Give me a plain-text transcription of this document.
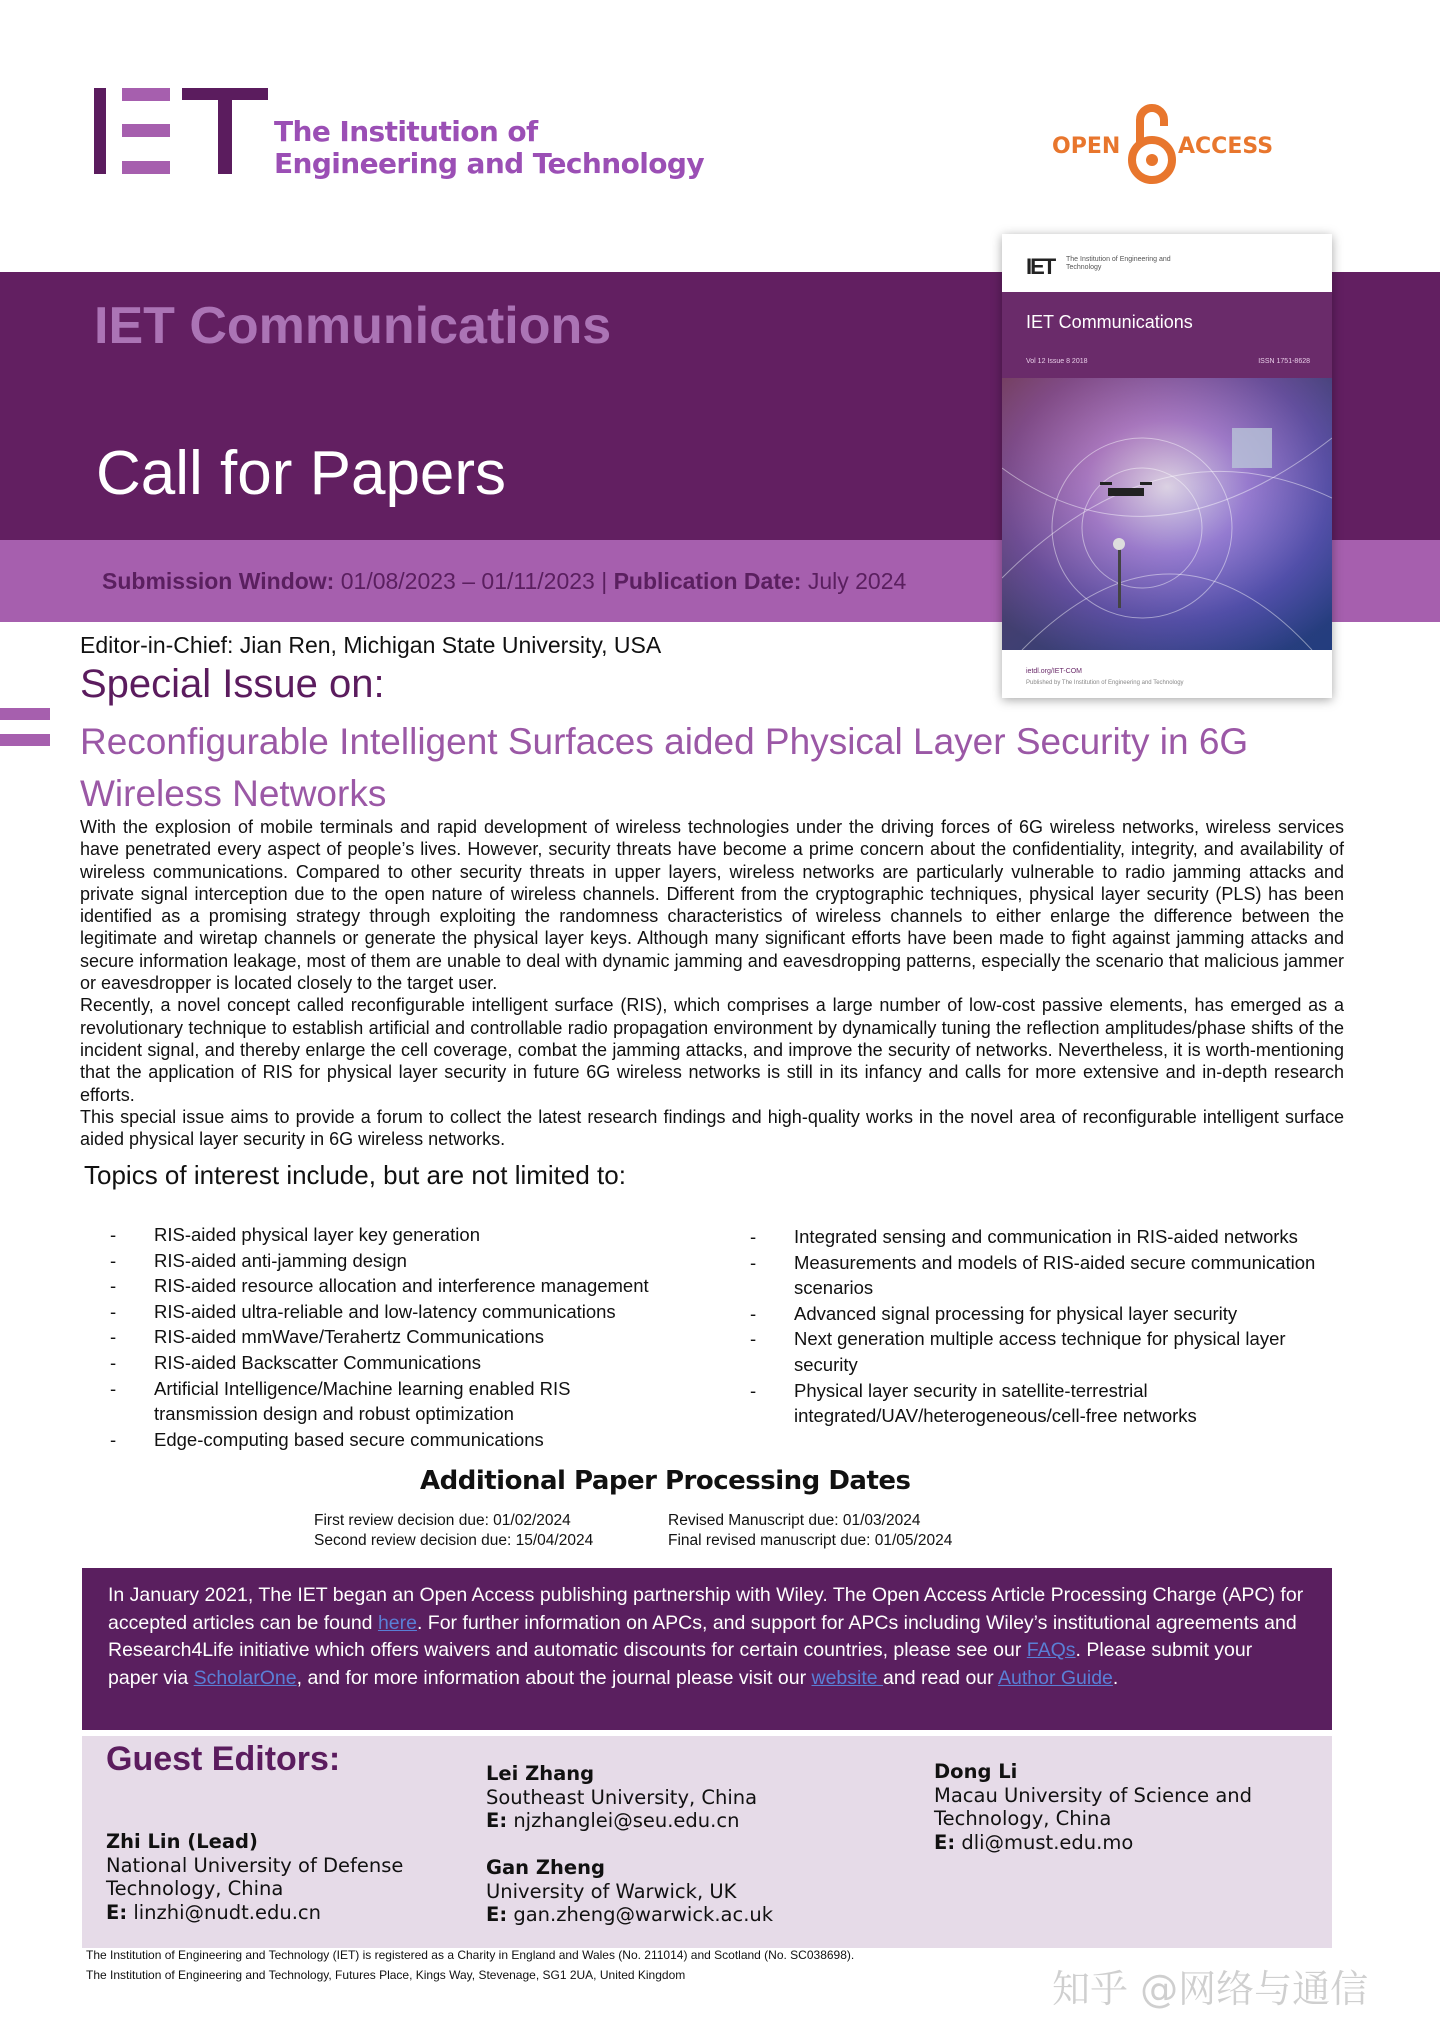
The Institution of
Engineering and Technology
OPEN	ACCESS
IET Communications
Call for Papers
Submission Window: 01/08/2023 – 01/11/2023 | Publication Date: July 2024
IET The Institution of Engineering and Technology
IET Communications
Vol 12 Issue 8 2018	ISSN 1751-8628
ietdl.org/IET-COM
Published by The Institution of Engineering and Technology
Editor-in-Chief: Jian Ren, Michigan State University, USA
Special Issue on:
Reconfigurable Intelligent Surfaces aided Physical Layer Security in 6G Wireless Networks

With the explosion of mobile terminals and rapid development of wireless technologies under the driving forces of 6G wireless networks, wireless services have penetrated every aspect of people’s lives. However, security threats have become a prime concern about the confidentiality, integrity, and availability of wireless communications. Compared to other security threats in upper layers, wireless networks are particularly vulnerable to radio jamming attacks and private signal interception due to the open nature of wireless channels. Different from the cryptographic techniques, physical layer security (PLS) has been identified as a promising strategy through exploiting the randomness characteristics of wireless channels to either enlarge the difference between the legitimate and wiretap channels or generate the physical layer keys. Although many significant efforts have been made to fight against jamming attacks and secure information leakage, most of them are unable to deal with dynamic jamming and eavesdropping patterns, especially the scenario that malicious jammer or eavesdropper is located closely to the target user.

Recently, a novel concept called reconfigurable intelligent surface (RIS), which comprises a large number of low-cost passive elements, has emerged as a revolutionary technique to establish artificial and controllable radio propagation environment by dynamically tuning the reflection amplitudes/phase shifts of the incident signal, and thereby enlarge the cell coverage, combat the jamming attacks, and improve the security of networks. Nevertheless, it is worth-mentioning that the application of RIS for physical layer security in future 6G wireless networks is still in its infancy and calls for more extensive and in-depth research efforts.

This special issue aims to provide a forum to collect the latest research findings and high-quality works in the novel area of reconfigurable intelligent surface aided physical layer security in 6G wireless networks.

Topics of interest include, but are not limited to:
- RIS-aided physical layer key generation
- RIS-aided anti-jamming design
- RIS-aided resource allocation and interference management
- RIS-aided ultra-reliable and low-latency communications
- RIS-aided mmWave/Terahertz Communications
- RIS-aided Backscatter Communications
- Artificial Intelligence/Machine learning enabled RIS transmission design and robust optimization
- Edge-computing based secure communications
- Integrated sensing and communication in RIS-aided networks
- Measurements and models of RIS-aided secure communication scenarios
- Advanced signal processing for physical layer security
- Next generation multiple access technique for physical layer security
- Physical layer security in satellite-terrestrial integrated/UAV/heterogeneous/cell-free networks
Additional Paper Processing Dates
First review decision due: 01/02/2024
Second review decision due: 15/04/2024
Revised Manuscript due: 01/03/2024
Final revised manuscript due: 01/05/2024
In January 2021, The IET began an Open Access publishing partnership with Wiley. The Open Access Article Processing Charge (APC) for accepted articles can be found here. For further information on APCs, and support for APCs including Wiley’s institutional agreements and Research4Life initiative which offers waivers and automatic discounts for certain countries, please see our FAQs. Please submit your paper via ScholarOne, and for more information about the journal please visit our website and read our Author Guide.
Guest Editors:
Zhi Lin (Lead)
National University of Defense
Technology, China
E: linzhi@nudt.edu.cn
Lei Zhang
Southeast University, China
E: njzhanglei@seu.edu.cn
Gan Zheng
University of Warwick, UK
E: gan.zheng@warwick.ac.uk
Dong Li
Macau University of Science and
Technology, China
E: dli@must.edu.mo
The Institution of Engineering and Technology (IET) is registered as a Charity in England and Wales (No. 211014) and Scotland (No. SC038698).
The Institution of Engineering and Technology, Futures Place, Kings Way, Stevenage, SG1 2UA, United Kingdom	知乎 @网络与通信
